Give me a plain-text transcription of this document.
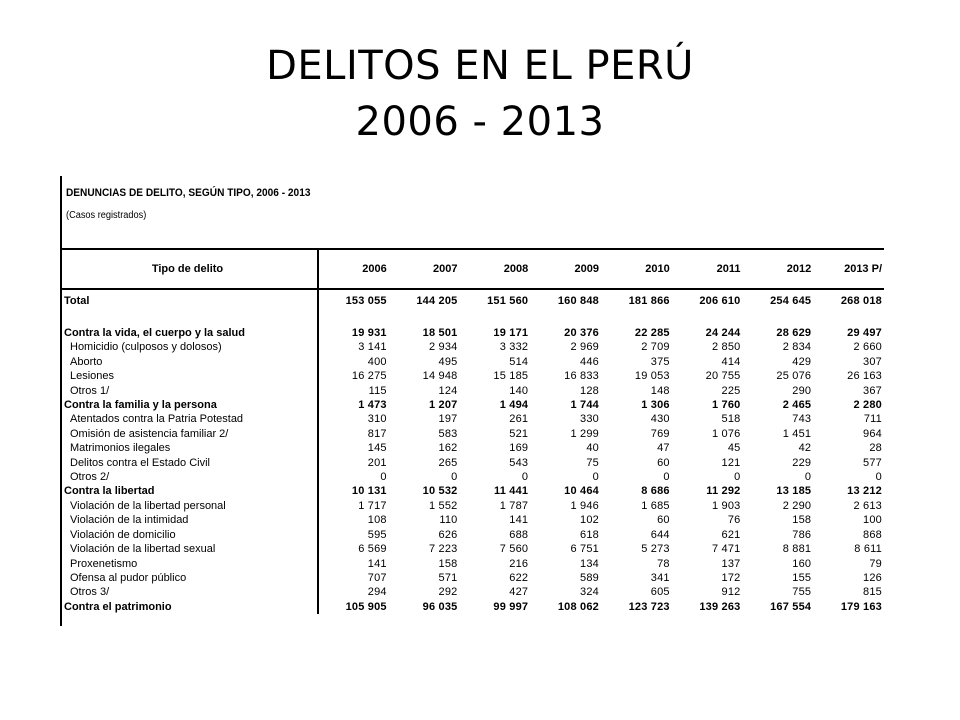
DELITOS EN EL PERÚ
2006 - 2013
DENUNCIAS DE DELITO, SEGÚN TIPO, 2006 - 2013
(Casos registrados)
Tipo de delito	2006	2007	2008	2009	2010	2011	2012	2013 P/
Total	153 055	144 205	151 560	160 848	181 866	206 610	254 645	268 018

Contra la vida, el cuerpo y la salud	19 931	18 501	19 171	20 376	22 285	24 244	28 629	29 497
Homicidio (culposos y dolosos)	3 141	2 934	3 332	2 969	2 709	2 850	2 834	2 660
Aborto	400	495	514	446	375	414	429	307
Lesiones	16 275	14 948	15 185	16 833	19 053	20 755	25 076	26 163
Otros 1/	115	124	140	128	148	225	290	367
Contra la familia y la persona	1 473	1 207	1 494	1 744	1 306	1 760	2 465	2 280
Atentados contra la Patria Potestad	310	197	261	330	430	518	743	711
Omisión de asistencia familiar 2/	817	583	521	1 299	769	1 076	1 451	964
Matrimonios ilegales	145	162	169	40	47	45	42	28
Delitos contra el Estado Civil	201	265	543	75	60	121	229	577
Otros 2/	0	0	0	0	0	0	0	0
Contra la libertad	10 131	10 532	11 441	10 464	8 686	11 292	13 185	13 212
Violación de la libertad personal	1 717	1 552	1 787	1 946	1 685	1 903	2 290	2 613
Violación de la intimidad	108	110	141	102	60	76	158	100
Violación de domicilio	595	626	688	618	644	621	786	868
Violación de la libertad sexual	6 569	7 223	7 560	6 751	5 273	7 471	8 881	8 611
Proxenetismo	141	158	216	134	78	137	160	79
Ofensa al pudor público	707	571	622	589	341	172	155	126
Otros 3/	294	292	427	324	605	912	755	815
Contra el patrimonio	105 905	96 035	99 997	108 062	123 723	139 263	167 554	179 163
